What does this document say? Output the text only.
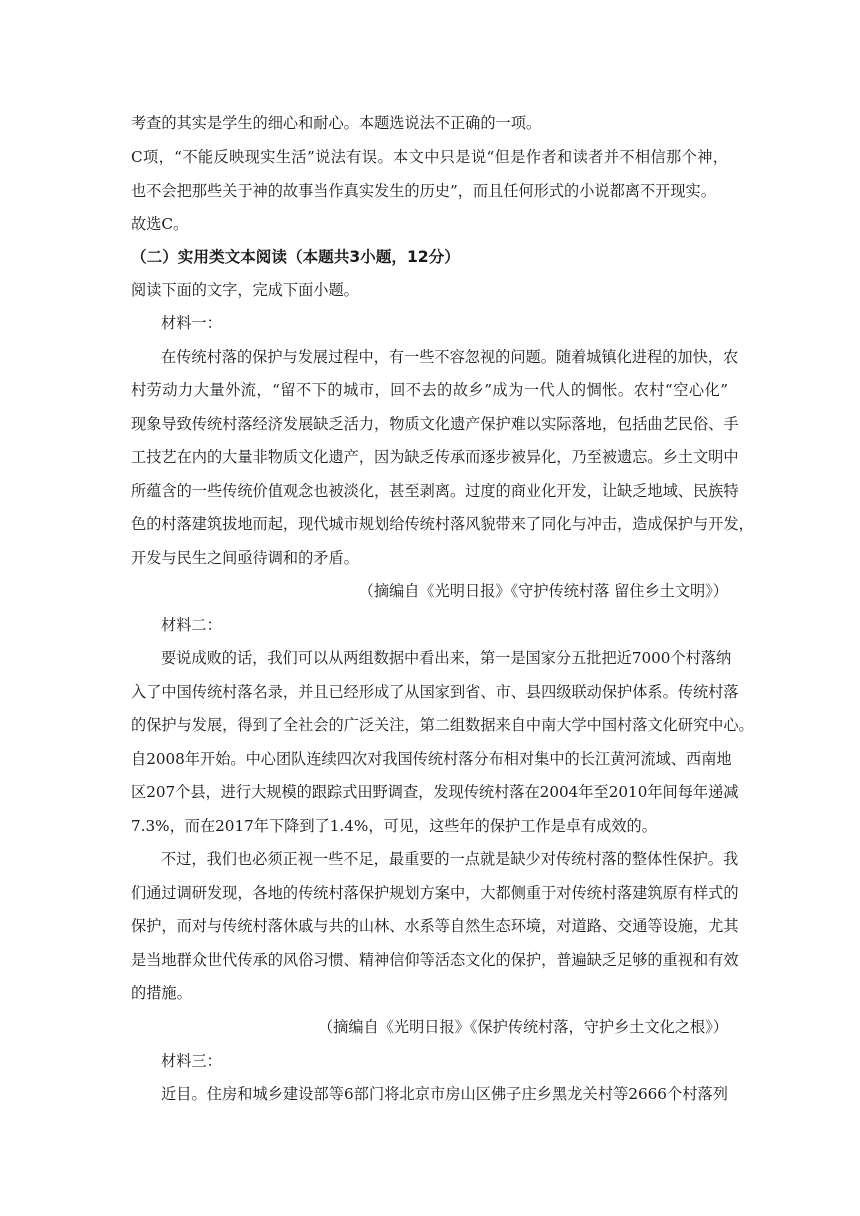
考查的其实是学生的细心和耐心。本题选说法不正确的一项。
C项，“不能反映现实生活”说法有误。本文中只是说“但是作者和读者并不相信那个神，
也不会把那些关于神的故事当作真实发生的历史”，而且任何形式的小说都离不开现实。
故选C。
（二）实用类文本阅读（本题共3小题，12分）
阅读下面的文字，完成下面小题。
材料一：
在传统村落的保护与发展过程中，有一些不容忽视的问题。随着城镇化进程的加快，农
村劳动力大量外流，“留不下的城市，回不去的故乡”成为一代人的惆怅。农村“空心化”
现象导致传统村落经济发展缺乏活力，物质文化遗产保护难以实际落地，包括曲艺民俗、手
工技艺在内的大量非物质文化遗产，因为缺乏传承而逐步被异化，乃至被遗忘。乡土文明中
所蕴含的一些传统价值观念也被淡化，甚至剥离。过度的商业化开发，让缺乏地域、民族特
色的村落建筑拔地而起，现代城市规划给传统村落风貌带来了同化与冲击，造成保护与开发，
开发与民生之间亟待调和的矛盾。
（摘编自《光明日报》《守护传统村落 留住乡土文明》）
材料二：
要说成败的话，我们可以从两组数据中看出来，第一是国家分五批把近7000个村落纳
入了中国传统村落名录，并且已经形成了从国家到省、市、县四级联动保护体系。传统村落
的保护与发展，得到了全社会的广泛关注，第二组数据来自中南大学中国村落文化研究中心。
自2008年开始。中心团队连续四次对我国传统村落分布相对集中的长江黄河流域、西南地
区207个县，进行大规模的跟踪式田野调查，发现传统村落在2004年至2010年间每年递减
7.3%，而在2017年下降到了1.4%，可见，这些年的保护工作是卓有成效的。
不过，我们也必须正视一些不足，最重要的一点就是缺少对传统村落的整体性保护。我
们通过调研发现，各地的传统村落保护规划方案中，大都侧重于对传统村落建筑原有样式的
保护，而对与传统村落休戚与共的山林、水系等自然生态环境，对道路、交通等设施，尤其
是当地群众世代传承的风俗习惯、精神信仰等活态文化的保护，普遍缺乏足够的重视和有效
的措施。
（摘编自《光明日报》《保护传统村落，守护乡土文化之根》）
材料三：
近目。住房和城乡建设部等6部门将北京市房山区佛子庄乡黑龙关村等2666个村落列
